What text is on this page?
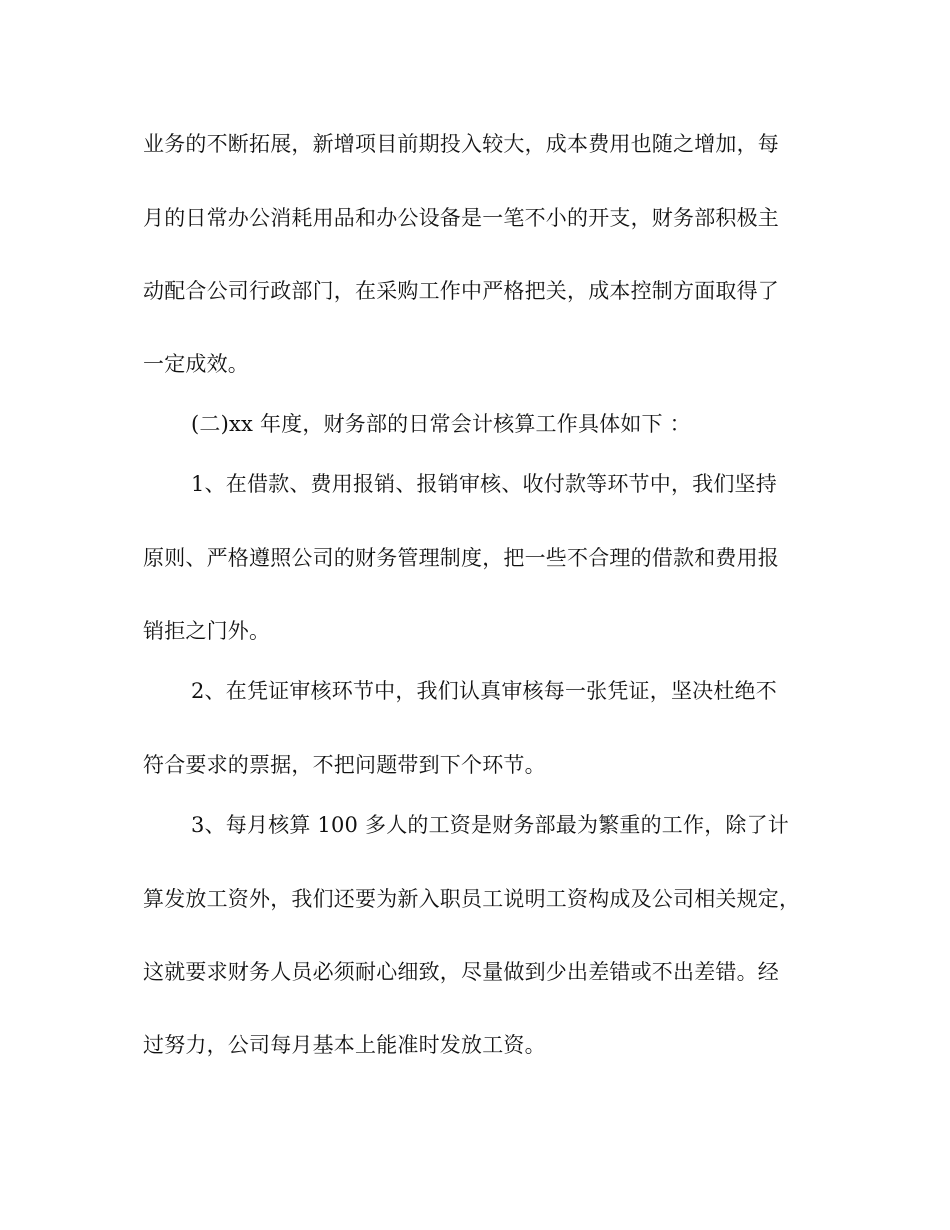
业务的不断拓展，新增项目前期投入较大，成本费用也随之增加，每
月的日常办公消耗用品和办公设备是一笔不小的开支，财务部积极主
动配合公司行政部门，在采购工作中严格把关，成本控制方面取得了
一定成效。
(二)xx 年度，财务部的日常会计核算工作具体如下 ：
1、在借款、费用报销、报销审核、收付款等环节中，我们坚持
原则、严格遵照公司的财务管理制度，把一些不合理的借款和费用报
销拒之门外。
2、在凭证审核环节中，我们认真审核每一张凭证，坚决杜绝不
符合要求的票据，不把问题带到下个环节。
3、每月核算 100 多人的工资是财务部最为繁重的工作，除了计
算发放工资外，我们还要为新入职员工说明工资构成及公司相关规定，
这就要求财务人员必须耐心细致，尽量做到少出差错或不出差错。经
过努力，公司每月基本上能准时发放工资。
